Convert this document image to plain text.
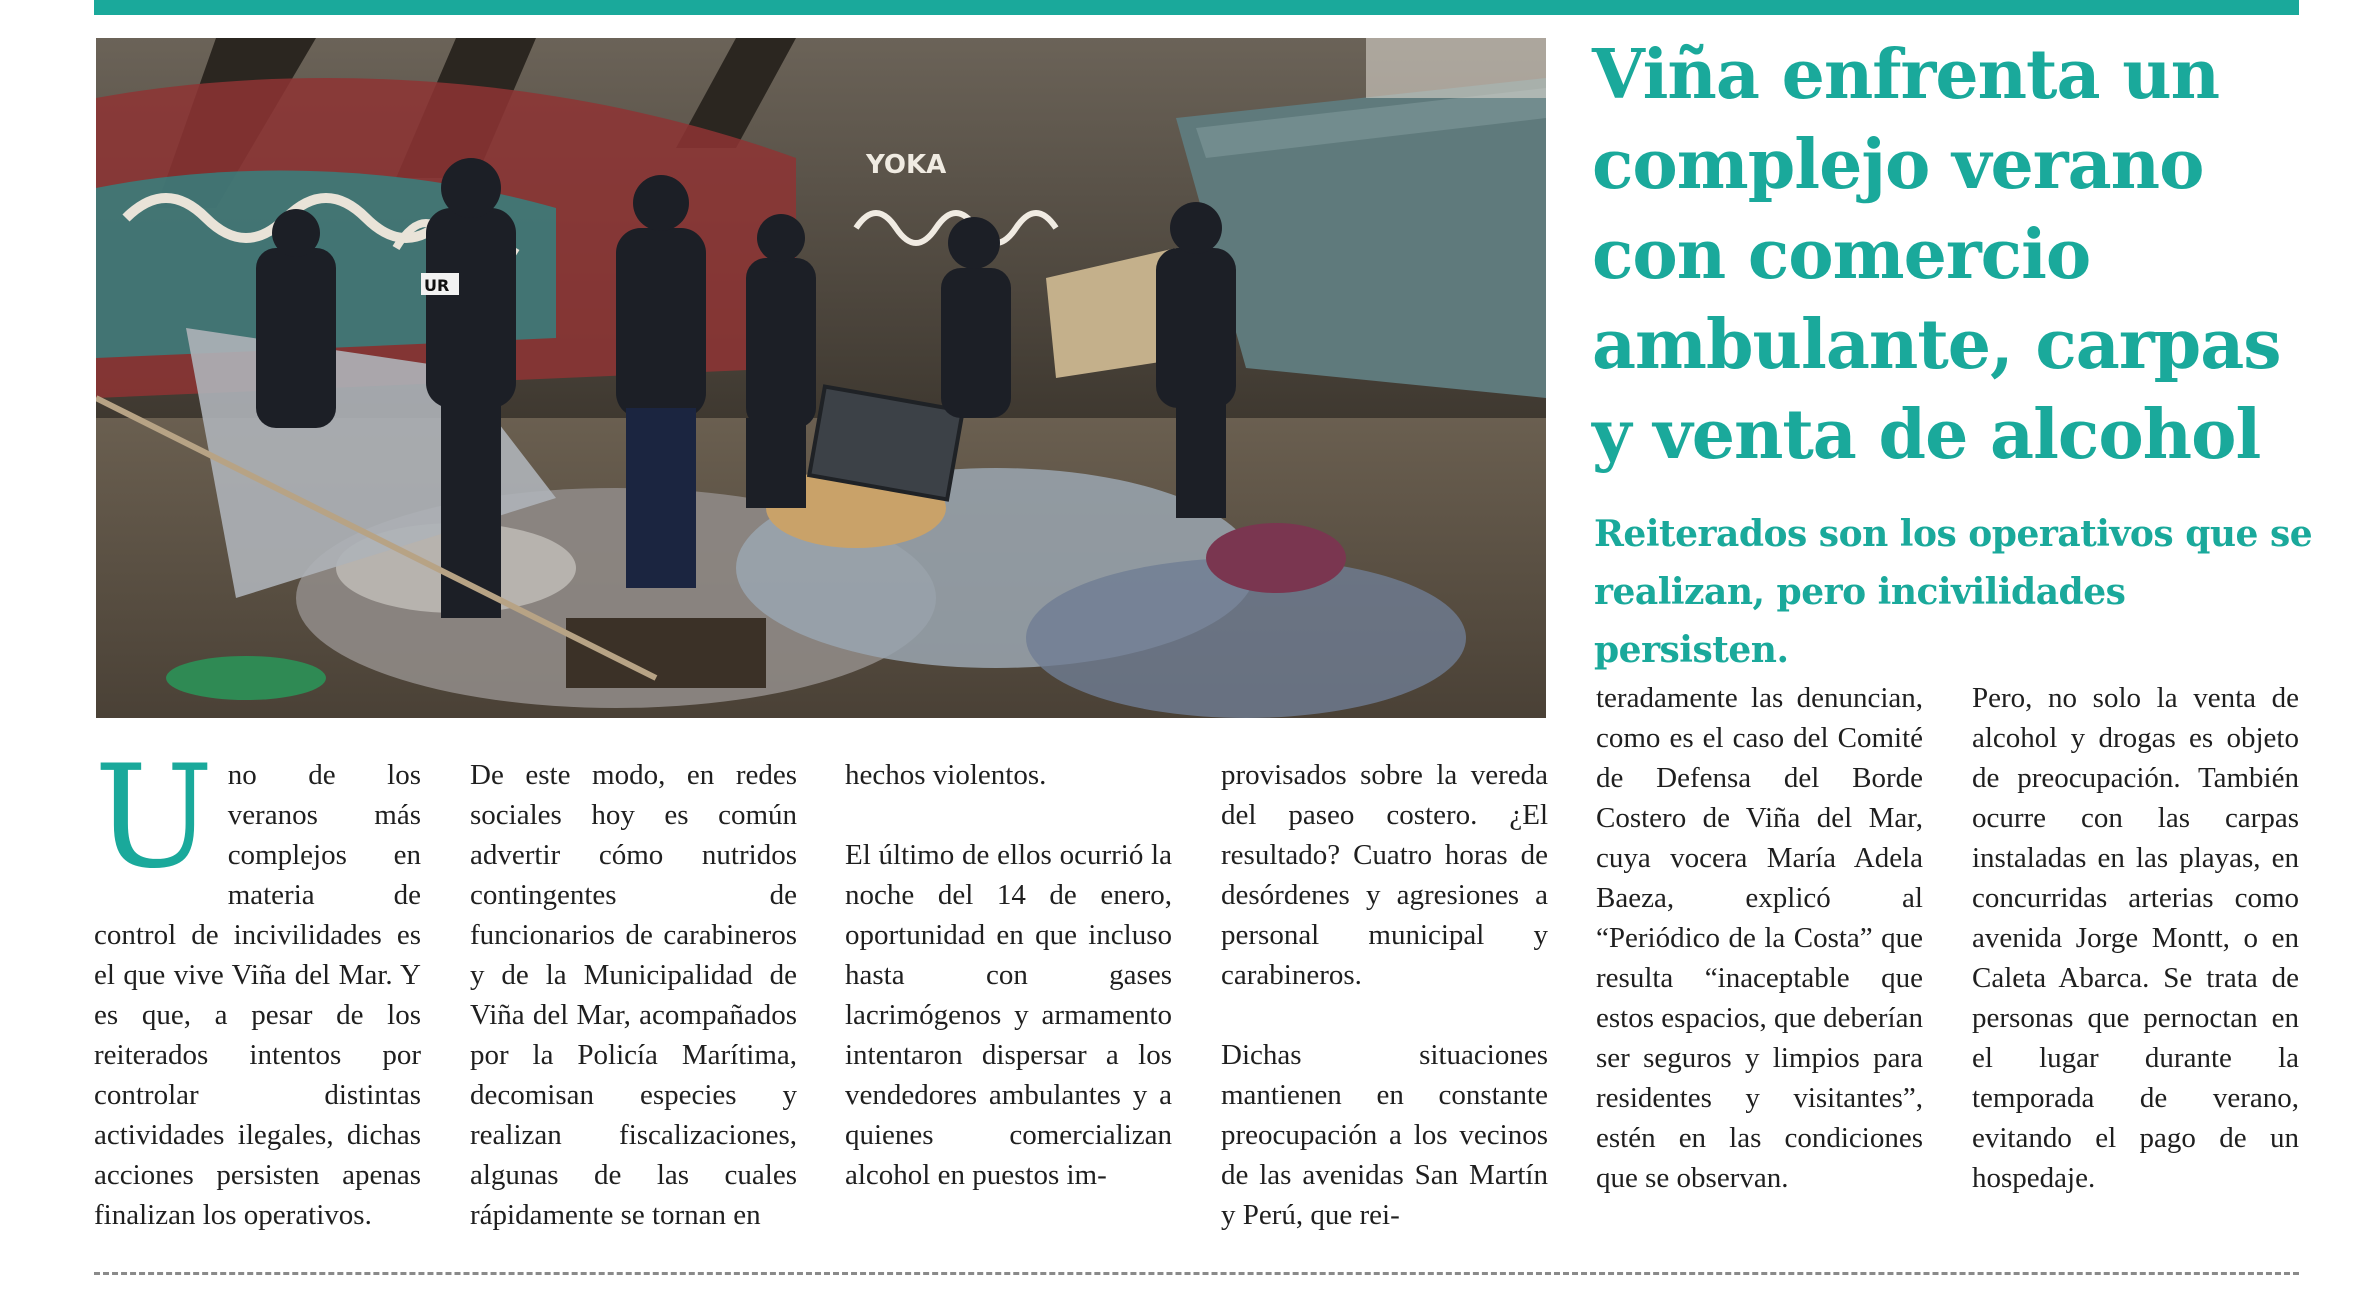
YOKA
UR
Viña enfrenta un complejo verano con comercio ambulante, carpas y venta de alcohol
Reiterados son los operativos que se realizan, pero incivilidades persisten.

Uno de los veranos más complejos en materia de control de incivilidades es el que vive Viña del Mar. Y es que, a pesar de los reiterados intentos por controlar distintas actividades ilegales, dichas acciones persisten apenas finalizan los operativos.

De este modo, en redes sociales hoy es común advertir cómo nutridos contingentes de funcionarios de carabineros y de la Municipalidad de Viña del Mar, acompañados por la Policía Marítima, decomisan especies y realizan fiscalizaciones, algunas de las cuales rápidamente se tornan en

hechos violentos.

El último de ellos ocurrió la noche del 14 de enero, oportunidad en que incluso hasta con gases lacrimógenos y armamento intentaron dispersar a los vendedores ambulantes y a quienes comercializan alcohol en puestos im-

provisados sobre la vereda del paseo costero. ¿El resultado? Cuatro horas de desórdenes y agresiones a personal municipal y carabineros.

Dichas situaciones mantienen en constante preocupación a los vecinos de las avenidas San Martín y Perú, que rei-

teradamente las denuncian, como es el caso del Comité de Defensa del Borde Costero de Viña del Mar, cuya vocera María Adela Baeza, explicó al “Periódico de la Costa” que resulta “inaceptable que estos espacios, que deberían ser seguros y limpios para residentes y visitantes”, estén en las condiciones que se observan.

Pero, no solo la venta de alcohol y drogas es objeto de preocupación. También ocurre con las carpas instaladas en las playas, en concurridas arterias como avenida Jorge Montt, o en Caleta Abarca. Se trata de personas que pernoctan en el lugar durante la temporada de verano, evitando el pago de un hospedaje.
